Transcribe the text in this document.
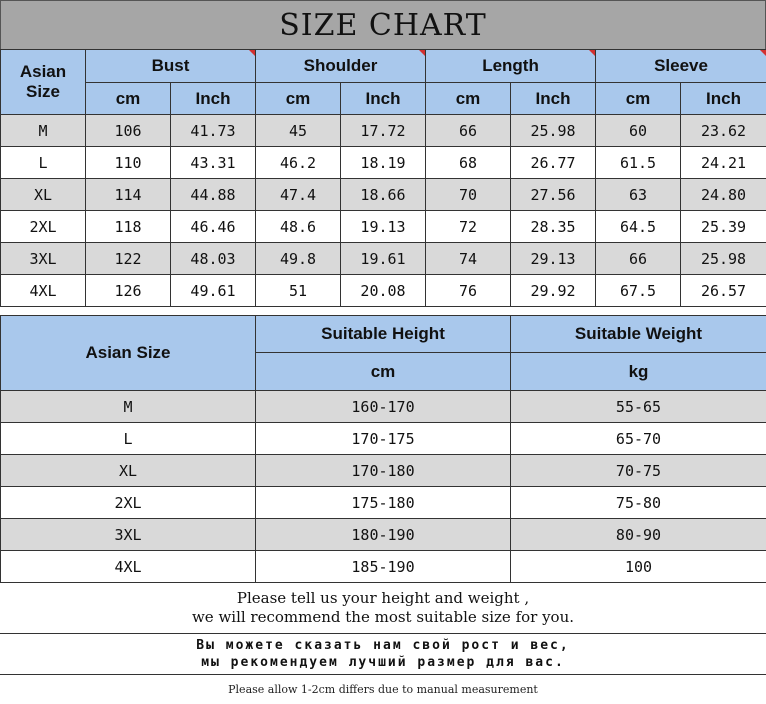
SIZE CHART
Asian
Size	Bust		Shoulder		Length		Sleeve	

	cm	Inch	cm	Inch	cm	Inch	cm	Inch
M	106	41.73	45	17.72	66	25.98	60	23.62
L	110	43.31	46.2	18.19	68	26.77	61.5	24.21
XL	114	44.88	47.4	18.66	70	27.56	63	24.80
2XL	118	46.46	48.6	19.13	72	28.35	64.5	25.39
3XL	122	48.03	49.8	19.61	74	29.13	66	25.98
4XL	126	49.61	51	20.08	76	29.92	67.5	26.57
Asian Size	Suitable Height	Suitable Weight
	cm	kg
M	160-170	55-65
L	170-175	65-70
XL	170-180	70-75
2XL	175-180	75-80
3XL	180-190	80-90
4XL	185-190	100
Please tell us your height and weight ,
we will recommend the most suitable size for you.
Вы можете сказать нам свой рост и вес,
мы рекомендуем лучший размер для вас.
Please allow 1-2cm differs due to manual measurement
